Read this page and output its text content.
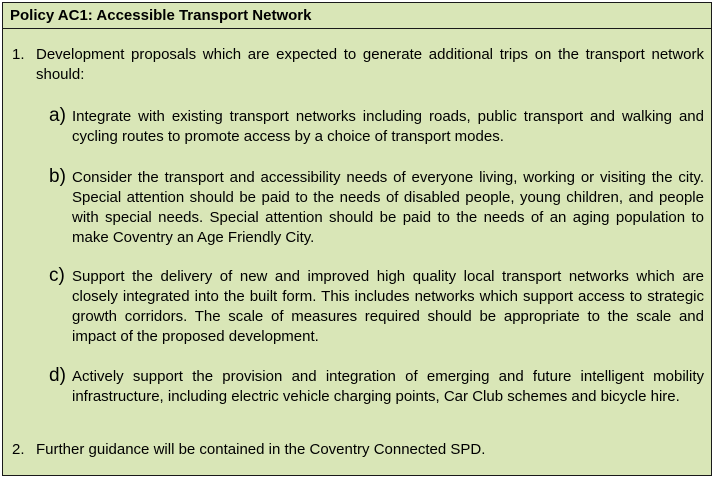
Policy AC1: Accessible Transport Network
1. Development proposals which are expected to generate additional trips on the transport network should:
a) Integrate with existing transport networks including roads, public transport and walking and cycling routes to promote access by a choice of transport modes.
b) Consider the transport and accessibility needs of everyone living, working or visiting the city. Special attention should be paid to the needs of disabled people, young children, and people with special needs. Special attention should be paid to the needs of an aging population to make Coventry an Age Friendly City.
c) Support the delivery of new and improved high quality local transport networks which are closely integrated into the built form. This includes networks which support access to strategic growth corridors. The scale of measures required should be appropriate to the scale and impact of the proposed development.
d) Actively support the provision and integration of emerging and future intelligent mobility infrastructure, including electric vehicle charging points, Car Club schemes and bicycle hire.
2. Further guidance will be contained in the Coventry Connected SPD.
